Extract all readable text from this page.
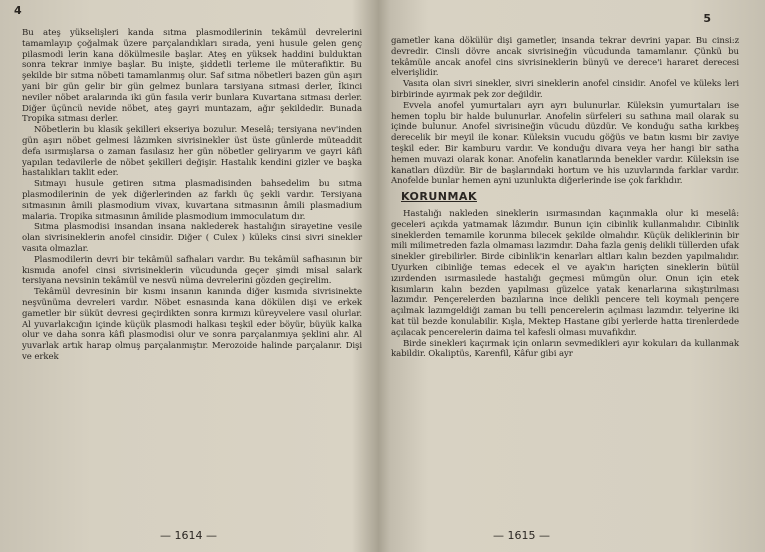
4

Bu ateş yükselişleri kanda sıtma plasmodilerinin tekâmül devrelerini tamamlayıp çoğalmak üzere parçalandıkları sırada, yeni husule gelen genç pilasmodi lerin kana dökülmesile başlar. Ateş en yüksek haddini bulduktan sonra tekrar inmiye başlar. Bu inişte, şiddetli terleme ile müterafiktir. Bu şekilde bir sıtma nöbeti tamamlanmış olur. Saf sıtma nöbetleri bazen gün aşırı yani bir gün gelir bir gün gelmez bunlara tarsiyana sıtmasi derler, İkinci neviler nöbet aralarında iki gün fasıla verir bunlara Kuvartana sıtması derler. Diğer üçüncü nevide nöbet, ateş gayri muntazam, ağır şekildedir. Bunada Tropika sıtması derler.

Nöbetlerin bu klasik şekilleri ekseriya bozulur. Meselâ; tersiyana nev'inden gün aşırı nöbet gelmesi lâzımken sivrisinekler üst üste günlerde müteaddit defa ısırmışlarsa o zaman fasılasız her gün nöbetler geliryarım ve gayri kâfi yapılan tedavilerle de nöbet şekilleri değişir. Hastalık kendini gizler ve başka hastalıkları taklit eder.

Sıtmayı husule getiren sıtma plasmadisinden bahsedelim bu sıtma plasmodilerinin de yek diğerlerinden az farklı üç şekli vardır. Tersiyana sıtmasının âmili plasmodium vivax, kuvartana sıtmasının âmili plasmadium malaria. Tropika sıtmasının âmilide plasmodium immoculatum dır.

Sıtma plasmodisi insandan insana naklederek hastalığın sirayetine vesile olan sivrisineklerin anofel cinsidir. Diğer ( Culex ) küleks cinsi sivri sinekler vasıta olmazlar.

Plasmodilerin devri bir tekâmül safhaları vardır. Bu tekâmül safhasının bir kısmıda anofel cinsi sivrisineklerin vücudunda geçer şimdi misal salark tersiyana nevsinin tekâmül ve nesvü nüma devrelerini gözden geçirelim.

Tekâmül devresinin bir kısmı insanın kanında diğer kısmıda sivrisinekte neşvünüma devreleri vardır. Nöbet esnasında kana dökülen dişi ve erkek gametler bir süküt devresi geçirdikten sonra kırmızı küreyvelere vasıl olurlar. Al yuvarlakcığın içinde küçük plasmodi halkası teşkil eder böyür, büyük kalka olur ve daha sonra kâfi plasmodisi olur ve sonra parçalanmıya şeklini alır. Al yuvarlak artık harap olmuş parçalanmıştır. Merozoide halinde parçalanır. Dişi ve erkek

— 1614 —
5

gametler kana dökülür dişi gametler, insanda tekrar devrini yapar. Bu cinsi:z devredir. Cinsli dövre ancak sivrisineğin vücudunda tamamlanır. Çünkü bu tekâmüle ancak anofel cins sivrisineklerin bünyü ve derece'i hararet derecesi elverişlidir.

Vasıta olan sivri sinekler, sivri sineklerin anofel cinsidir. Anofel ve küleks leri birbirinde ayırmak pek zor değildir.

Evvela anofel yumurtaları ayrı ayrı bulunurlar. Küleksin yumurtaları ise hemen toplu bir halde bulunurlar. Anofelin sürfeleri su sathına mail olarak su içinde bulunur. Anofel sivrisineğin vücudu düzdür. Ve konduğu satha kırkbeş derecelik bir meyil ile konar. Küleksin vucudu göğüs ve batın kısmı bir zaviye teşkil eder. Bir kamburu vardır. Ve konduğu divara veya her hangi bir satha hemen muvazi olarak konar. Anofelin kanatlarında benekler vardır. Küleksin ise kanatları düzdür. Bir de başlarındaki hortum ve his uzuvlarında farklar vardır. Anofelde bunlar hemen ayni uzunlukta diğerlerinde ise çok farklıdır.

KORUNMAK

Hastalığı nakleden sineklerin ısırmasından kaçınmakla olur ki meselâ: geceleri açıkda yatmamak lâzımdır. Bunun için cibinlik kullanmalıdır. Cibinlik sineklerden temamile korunma bilecek şekilde olmalıdır. Küçük deliklerinin bir mili milimetreden fazla olmaması lazımdır. Daha fazla geniş delikli tüllerden ufak sinekler girebilirler. Birde cibinlik'in kenarları altları kalın bezden yapılmalıdır. Uyurken cibinliğe temas edecek el ve ayak'ın hariçten sineklerin bütül ızırdenden ısırmasılede hastalığı geçmesi mümgün olur. Onun için etek kısımların kalın bezden yapılması güzelce yatak kenarlarına sıkıştırılması lazımdır. Pençerelerden bazılarına ince delikli pencere teli koymalı pençere açılmak lazımgeldiği zaman bu telli pencerelerin açılması lazımdır. telyerine iki kat tül bezde konulabilir. Kışla, Mektep Hastane gibi yerlerde hatta tirenlerdede açılacak pencerelerin daima tel kafesli olması muvafıkdır.

Birde sinekleri kaçırmak için onların sevmedikleri ayır kokuları da kullanmak kabildir. Okaliptüs, Karenfil, Kâfur gibi ayr

— 1615 —
